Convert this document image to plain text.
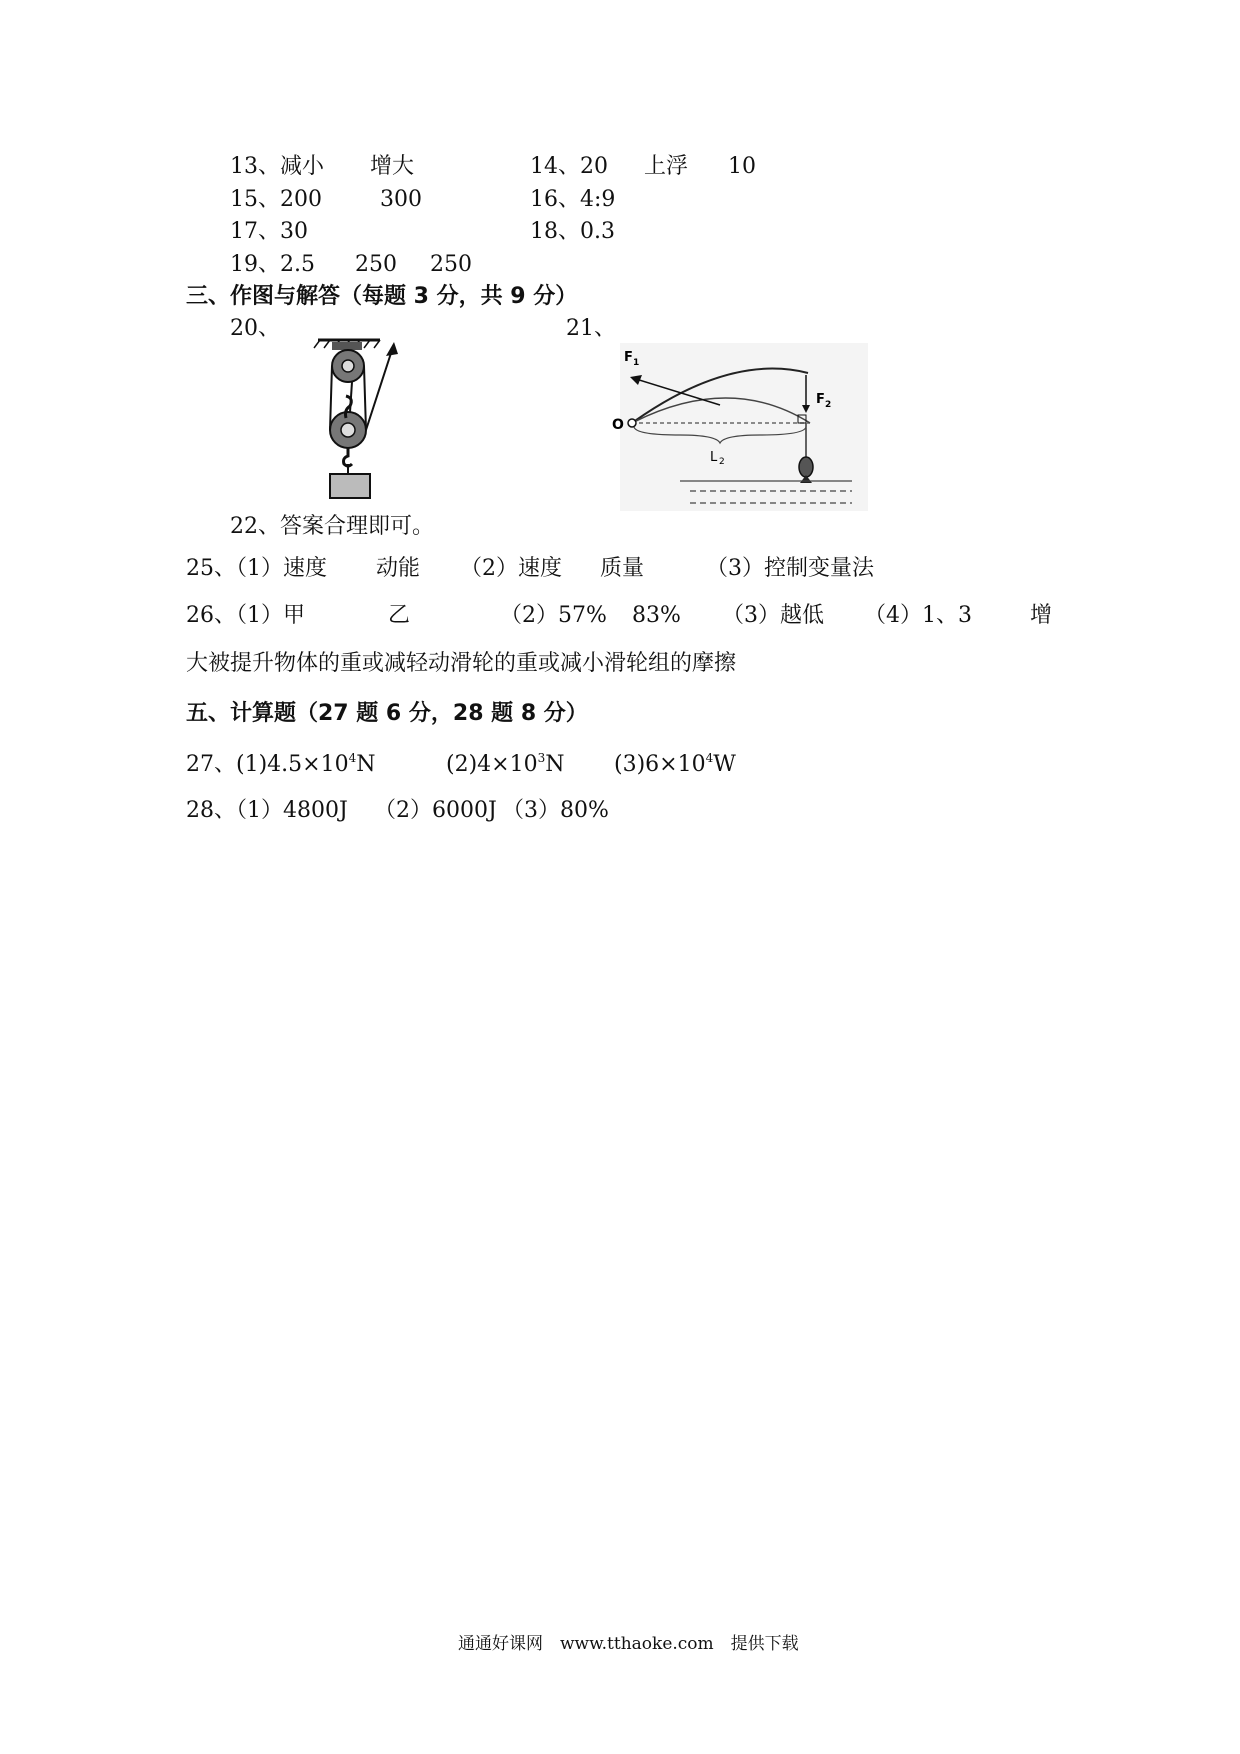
13、减小 增大	14、20 上浮 10
15、200	300	16、4:9
17、30	18、0.3
19、2.5 250 250
三、作图与解答（每题 3 分，共 9 分）
20、	21、
F 1
F 2
O
L 2
22、答案合理即可。
25、（1）速度 动能 （2）速度 质量	（3）控制变量法
26、（1）甲	乙	（2）57% 83% （3）越低 （4）1、3	增
大被提升物体的重或减轻动滑轮的重或减小滑轮组的摩擦
五、计算题（27 题 6 分，28 题 8 分）
27、$(1)4.5\times 10^4N$	$(2)4\times 10^3N$ $(3)6\times 10^4W$
28、（1）4800J （2）6000J （3）80%
通通好课网　www.tthaoke.com　提供下载
